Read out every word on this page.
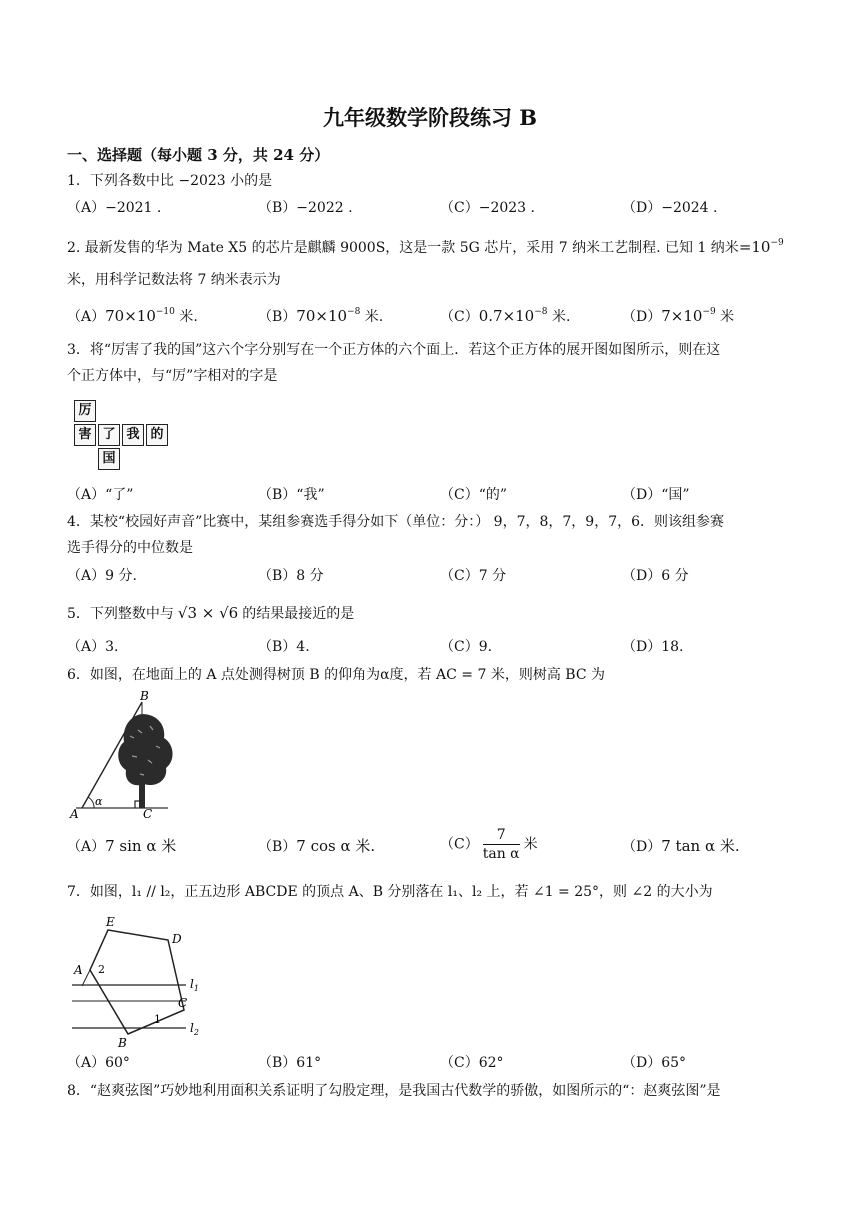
九年级数学阶段练习 B
一、选择题（每小题 3 分，共 24 分）
1．下列各数中比 −2023 小的是
（A）−2021 .	（B）−2022 .	（C）−2023 .	（D）−2024 .
2. 最新发售的华为 Mate X5 的芯片是麒麟 9000S，这是一款 5G 芯片，采用 7 纳米工艺制程. 已知 1 纳米$=10^{-9}$
米，用科学记数法将 7 纳米表示为
$(A)70\times 10^{-10}$ 米.	$(B)70\times 10^{-8}$ 米.	$(C)0.7\times 10^{-8}$ 米.	$(D)7\times 10^{-9}$ 米
3．将“厉害了我的国”这六个字分别写在一个正方体的六个面上．若这个正方体的展开图如图所示，则在这
个正方体中，与“厉”字相对的字是
厉
害 了 我 的
国
（A）“了”	（B）“我”	（C）“的”	（D）“国”
4．某校“校园好声音”比赛中，某组参赛选手得分如下（单位：分：） 9，7，8，7，9，7，6．则该组参赛
选手得分的中位数是
（A）9 分.	（B）8 分	（C）7 分	（D）6 分
5．下列整数中与 √3 × √6 的结果最接近的是
（A）3.	（B）4.	（C）9.	（D）18.
6．如图，在地面上的 A 点处测得树顶 B 的仰角为α度，若 AC = 7 米，则树高 BC 为
B
A	C
α
（A）7 sin α 米	（B）7 cos α 米.	$(C) \frac{7}{\text{tan α}}$ 米	（D）7 tan α 米.
7．如图，l₁ // l₂，正五边形 ABCDE 的顶点 A、B 分别落在 l₁、l₂ 上，若 ∠1 = 25°，则 ∠2 的大小为
E
D
A
B
C
2
1
$l_1$
$l_2$
（A）60°	（B）61°	（C）62°	（D）65°
8．“赵爽弦图”巧妙地利用面积关系证明了勾股定理，是我国古代数学的骄傲，如图所示的“：赵爽弦图”是
